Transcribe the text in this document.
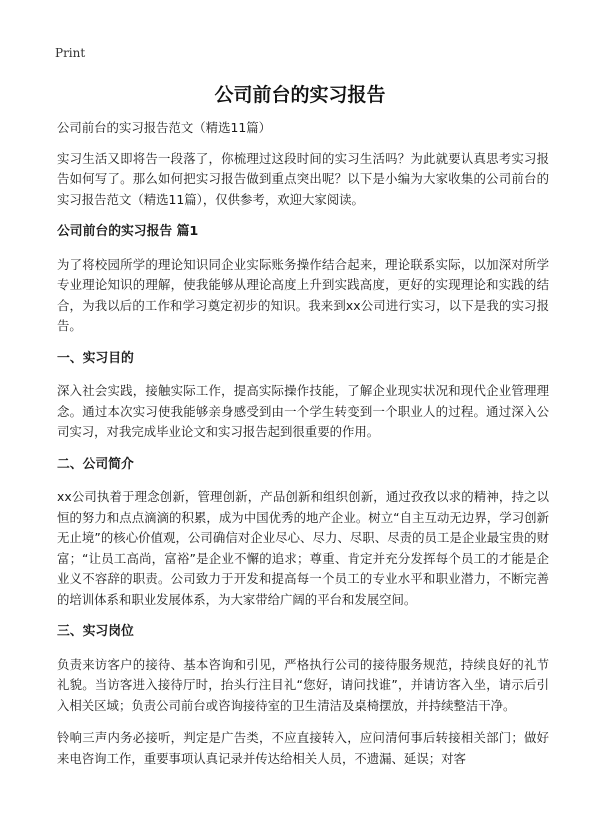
Print
公司前台的实习报告

公司前台的实习报告范文（精选11篇）

实习生活又即将告一段落了，你梳理过这段时间的实习生活吗？为此就要认真思考实习报告如何写了。那么如何把实习报告做到重点突出呢？以下是小编为大家收集的公司前台的实习报告范文（精选11篇），仅供参考，欢迎大家阅读。

公司前台的实习报告 篇1

为了将校园所学的理论知识同企业实际账务操作结合起来，理论联系实际，以加深对所学专业理论知识的理解，使我能够从理论高度上升到实践高度，更好的实现理论和实践的结合，为我以后的工作和学习奠定初步的知识。我来到xx公司进行实习，以下是我的实习报告。

一、实习目的

深入社会实践，接触实际工作，提高实际操作技能，了解企业现实状况和现代企业管理理念。通过本次实习使我能够亲身感受到由一个学生转变到一个职业人的过程。通过深入公司实习，对我完成毕业论文和实习报告起到很重要的作用。

二、公司简介

xx公司执着于理念创新，管理创新，产品创新和组织创新，通过孜孜以求的精神，持之以恒的努力和点点滴滴的积累，成为中国优秀的地产企业。树立“自主互动无边界，学习创新无止境”的核心价值观，公司确信对企业尽心、尽力、尽职、尽责的员工是企业最宝贵的财富；“让员工高尚，富裕”是企业不懈的追求；尊重、肯定并充分发挥每个员工的才能是企业义不容辞的职责。公司致力于开发和提高每一个员工的专业水平和职业潜力，不断完善的培训体系和职业发展体系，为大家带给广阔的平台和发展空间。

三、实习岗位

负责来访客户的接待、基本咨询和引见，严格执行公司的接待服务规范，持续良好的礼节礼貌。当访客进入接待厅时，抬头行注目礼“您好，请问找谁”，并请访客入坐，请示后引入相关区域；负责公司前台或咨询接待室的卫生清洁及桌椅摆放，并持续整洁干净。

铃响三声内务必接听，判定是广告类，不应直接转入，应问清何事后转接相关部门；做好来电咨询工作，重要事项认真记录并传达给相关人员，不遗漏、延误；对客
